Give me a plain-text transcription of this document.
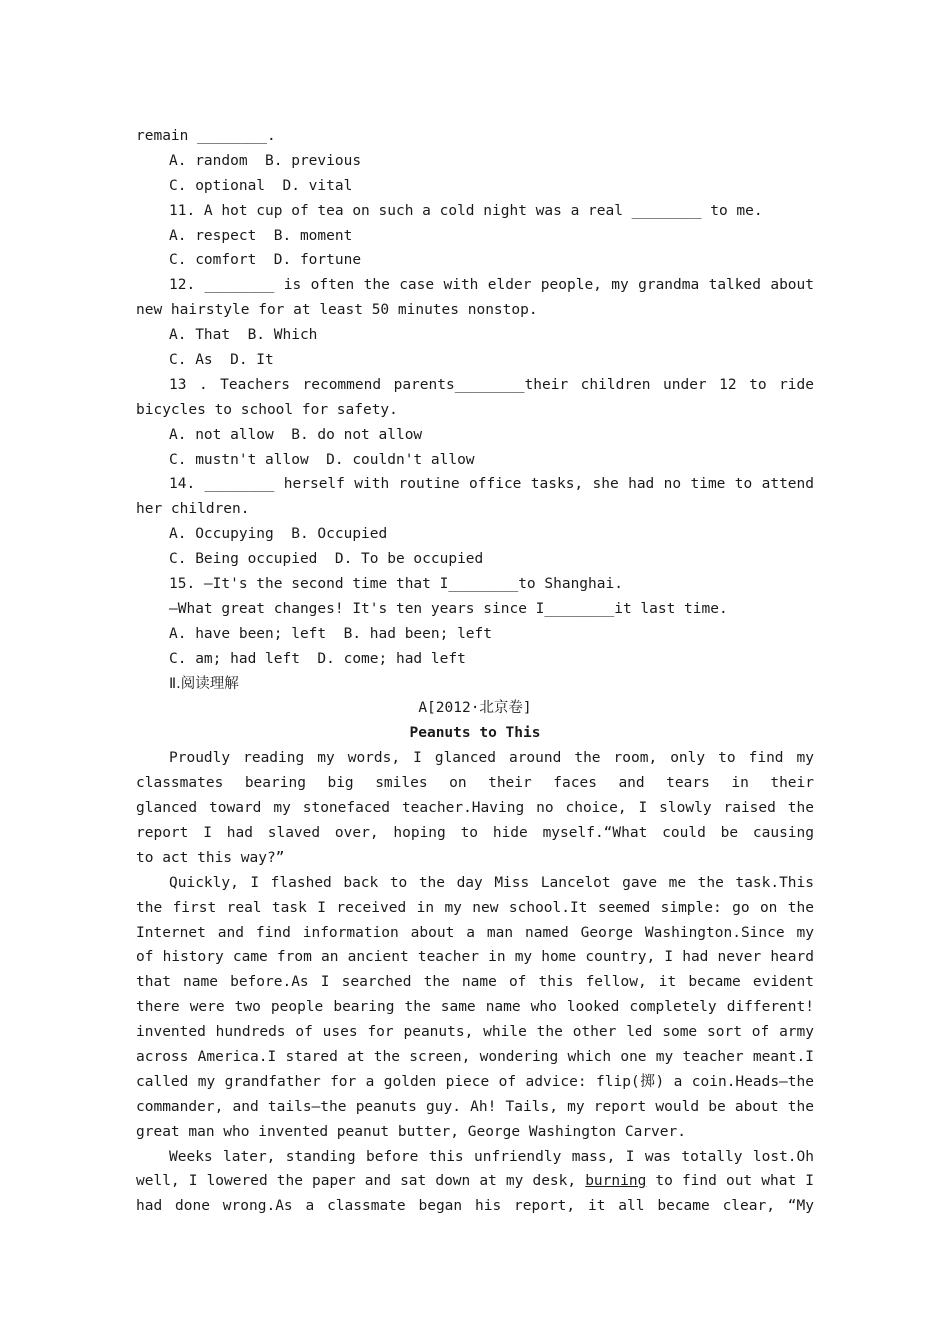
remain ________.
A. random  B. previous
C. optional  D. vital
11. A hot cup of tea on such a cold night was a real ________ to me.
A. respect  B. moment
C. comfort  D. fortune
12. ________ is often the case with elder people, my grandma talked about
new hairstyle for at least 50 minutes nonstop.
A. That  B. Which
C. As  D. It
13 . Teachers recommend parents________their children under 12 to ride
bicycles to school for safety.
A. not allow  B. do not allow
C. mustn't allow  D. couldn't allow
14. ________ herself with routine office tasks, she had no time to attend
her children.
A. Occupying  B. Occupied
C. Being occupied  D. To be occupied
15. —It's the second time that I________to Shanghai.
—What great changes! It's ten years since I________it last time.
A. have been; left  B. had been; left
C. am; had left  D. come; had left
Ⅱ.阅读理解
A[2012·北京卷]
Peanuts to This
Proudly reading my words, I glanced around the room, only to find my
classmates bearing big smiles on their faces and tears in their
glanced toward my stonefaced teacher.Having no choice, I slowly raised the
report I had slaved over, hoping to hide myself.“What could be causing
to act this way?”
Quickly, I flashed back to the day Miss Lancelot gave me the task.This
the first real task I received in my new school.It seemed simple: go on the
Internet and find information about a man named George Washington.Since my
of history came from an ancient teacher in my home country, I had never heard
that name before.As I searched the name of this fellow, it became evident
there were two people bearing the same name who looked completely different!
invented hundreds of uses for peanuts, while the other led some sort of army
across America.I stared at the screen, wondering which one my teacher meant.I
called my grandfather for a golden piece of advice: flip(掷) a coin.Heads—the
commander, and tails—the peanuts guy. Ah! Tails, my report would be about the
great man who invented peanut butter, George Washington Carver.
Weeks later, standing before this unfriendly mass, I was totally lost.Oh
well, I lowered the paper and sat down at my desk, burning to find out what I
had done wrong.As a classmate began his report, it all became clear, “My
